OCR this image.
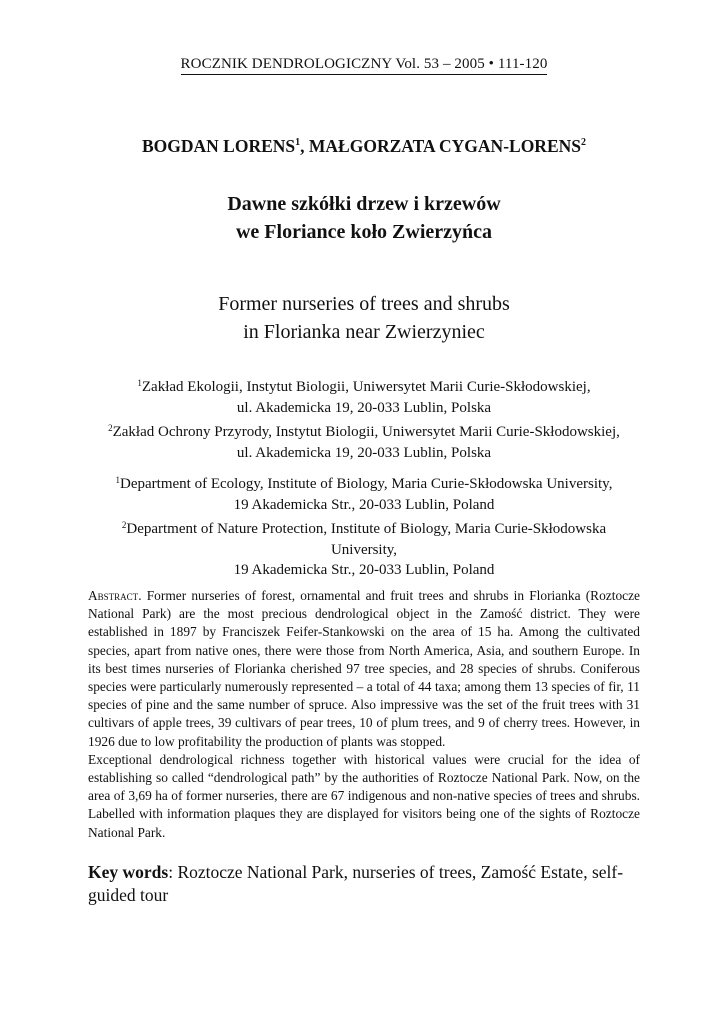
ROCZNIK DENDROLOGICZNY Vol. 53 – 2005 • 111-120
BOGDAN LORENS$^1$, MAŁGORZATA CYGAN-LORENS$^2$
Dawne szkółki drzew i krzewów
we Floriance koło Zwierzyńca
Former nurseries of trees and shrubs
in Florianka near Zwierzyniec
$^1$Zakład Ekologii, Instytut Biologii, Uniwersytet Marii Curie-Skłodowskiej,
ul. Akademicka 19, 20-033 Lublin, Polska
$^2$Zakład Ochrony Przyrody, Instytut Biologii, Uniwersytet Marii Curie-Skłodowskiej,
ul. Akademicka 19, 20-033 Lublin, Polska
$^1$Department of Ecology, Institute of Biology, Maria Curie-Skłodowska University,
19 Akademicka Str., 20-033 Lublin, Poland
$^2$Department of Nature Protection, Institute of Biology, Maria Curie-Skłodowska
University,
19 Akademicka Str., 20-033 Lublin, Poland

Abstract. Former nurseries of forest, ornamental and fruit trees and shrubs in Florianka (Roztocze National Park) are the most precious dendrological object in the Zamość district. They were established in 1897 by Franciszek Feifer-Stankowski on the area of 15 ha. Among the cultivated species, apart from native ones, there were those from North America, Asia, and southern Europe. In its best times nurseries of Florianka cherished 97 tree species, and 28 species of shrubs. Coniferous species were particularly numerously represented – a total of 44 taxa; among them 13 species of fir, 11 species of pine and the same number of spruce. Also impressive was the set of the fruit trees with 31 cultivars of apple trees, 39 cultivars of pear trees, 10 of plum trees, and 9 of cherry trees. However, in 1926 due to low profitability the production of plants was stopped.

Exceptional dendrological richness together with historical values were crucial for the idea of establishing so called “dendrological path” by the authorities of Roztocze National Park. Now, on the area of 3,69 ha of former nurseries, there are 67 indigenous and non-native species of trees and shrubs. Labelled with information plaques they are displayed for visitors being one of the sights of Roztocze National Park.

Key words: Roztocze National Park, nurseries of trees, Zamość Estate, self-guided tour
